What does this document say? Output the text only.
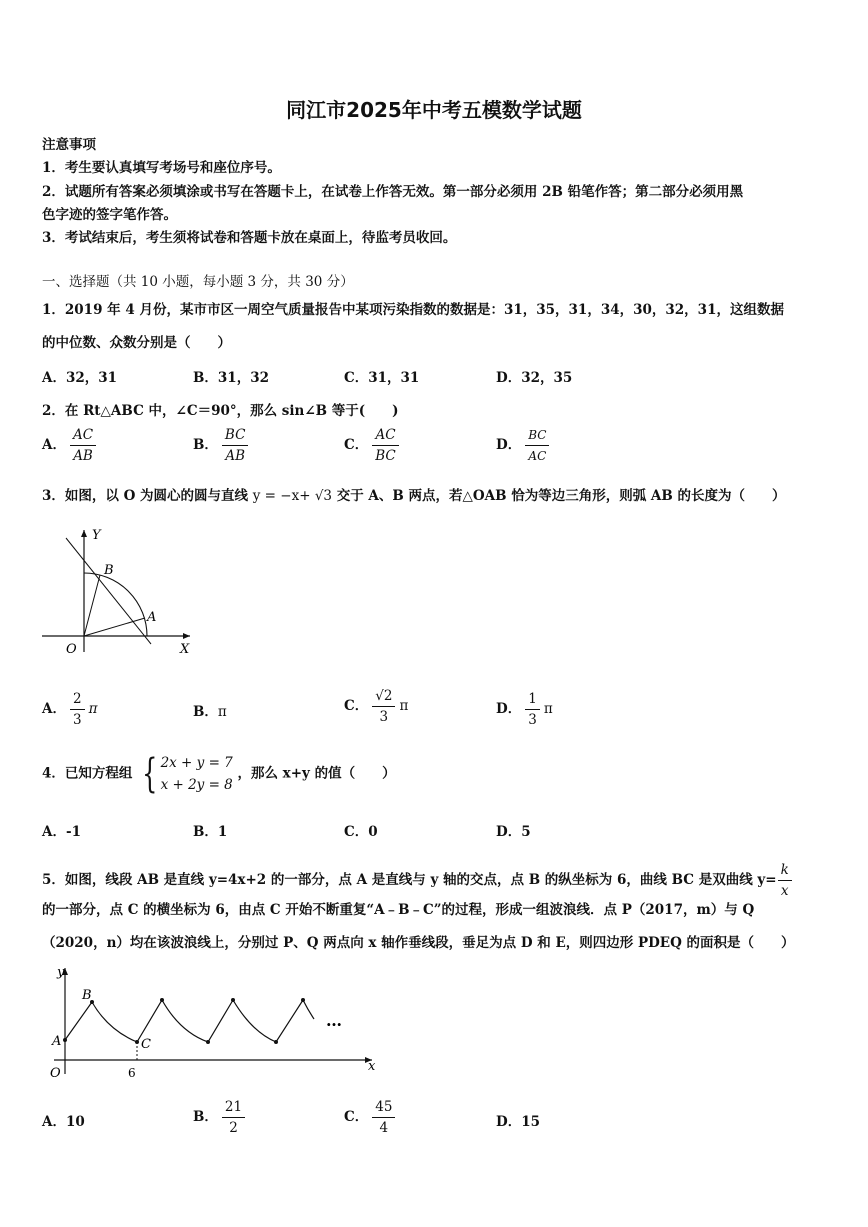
同江市2025年中考五模数学试题
注意事项
1．考生要认真填写考场号和座位序号。
2．试题所有答案必须填涂或书写在答题卡上，在试卷上作答无效。第一部分必须用 2B 铅笔作答；第二部分必须用黑
色字迹的签字笔作答。
3．考试结束后，考生须将试卷和答题卡放在桌面上，待监考员收回。
一、选择题（共 10 小题，每小题 3 分，共 30 分）
1．2019 年 4 月份，某市市区一周空气质量报告中某项污染指数的数据是：31，35，31，34，30，32，31，这组数据
的中位数、众数分别是（　　）
A．32，31	B．31，32	C．31，31	D．32，35
2．在 Rt△ABC 中，∠C＝90°，那么 sin∠B 等于(　　)
A． $\frac{AC}{AB}$	B． $\frac{BC}{AB}$	C． $\frac{AC}{BC}$	D． $\frac{BC}{AC}$
3．如图，以 O 为圆心的圆与直线 y = −x+ √3 交于 A、B 两点，若△OAB 恰为等边三角形，则弧 AB 的长度为（　　）
Y
X
O
B
A
A． $\frac{2}{3}$ π	B．π	C． $\frac{√2}{3}$ π	D． $\frac{1}{3}$ π
4．已知方程组 { 2x + y = 7
x + 2y = 8
，那么 x+y 的值（　　）
A．-1	B．1	C．0	D．5
5．如图，线段 AB 是直线 y=4x+2 的一部分，点 A 是直线与 y 轴的交点，点 B 的纵坐标为 6，曲线 BC 是双曲线 $y= \frac{k}{x}$
的一部分，点 C 的横坐标为 6，由点 C 开始不断重复“A﹣B﹣C”的过程，形成一组波浪线．点 P（2017，m）与 Q
（2020，n）均在该波浪线上，分别过 P、Q 两点向 x 轴作垂线段，垂足为点 D 和 E，则四边形 PDEQ 的面积是（　　）
y
x
O
A
B
C
6
…
A．10	B． $\frac{21}{2}$	C． $\frac{45}{4}$	D．15
